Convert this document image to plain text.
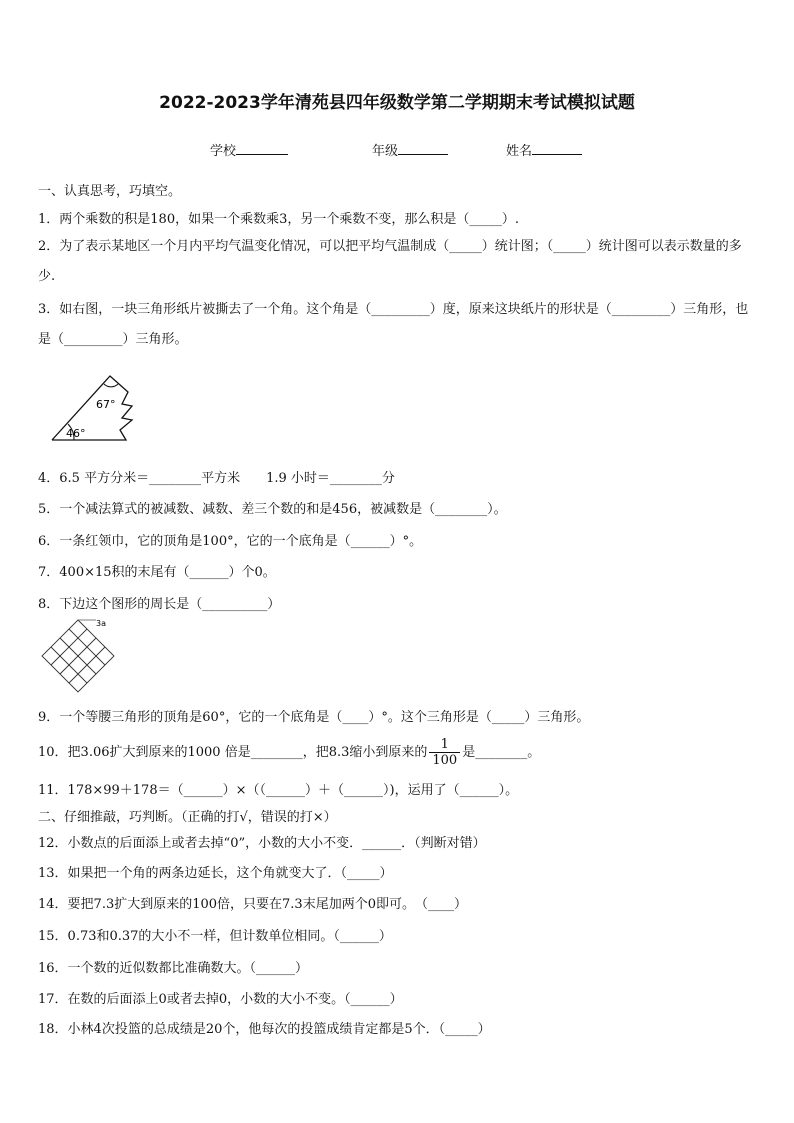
2022-2023学年清苑县四年级数学第二学期期末考试模拟试题
学校	年级	姓名
一、认真思考，巧填空。
1．两个乘数的积是180，如果一个乘数乘3，另一个乘数不变，那么积是（_____）.
2．为了表示某地区一个月内平均气温变化情况，可以把平均气温制成（_____）统计图；（_____）统计图可以表示数量的多少.
3．如右图，一块三角形纸片被撕去了一个角。这个角是（_________）度，原来这块纸片的形状是（_________）三角形，也是（_________）三角形。
67°
46°
4．6.5 平方分米＝________平方米　　1.9 小时＝________分
5．一个减法算式的被减数、减数、差三个数的和是456，被减数是（________）。
6．一条红领巾，它的顶角是100°，它的一个底角是（______）°。
7．400×15积的末尾有（______）个0。
8．下边这个图形的周长是（__________）
3a
9．一个等腰三角形的顶角是60°，它的一个底角是（____）°。这个三角形是（_____）三角形。
10．把3.06扩大到原来的1000 倍是________，把8.3缩小到原来的 $\frac{1}{100}$ 是________。
11．178×99＋178＝（______）×（（______）＋（______）)，运用了（______）。
二、仔细推敲，巧判断。（正确的打√，错误的打×）
12．小数点的后面添上或者去掉“0”，小数的大小不变．______．（判断对错）
13．如果把一个角的两条边延长，这个角就变大了．（_____）
14．要把7.3扩大到原来的100倍，只要在7.3末尾加两个0即可。　（____）
15．0.73和0.37的大小不一样，但计数单位相同。（______）
16．一个数的近似数都比准确数大。（______）
17．在数的后面添上0或者去掉0，小数的大小不变。（______）
18．小林4次投篮的总成绩是20个，他每次的投篮成绩肯定都是5个．（_____）
